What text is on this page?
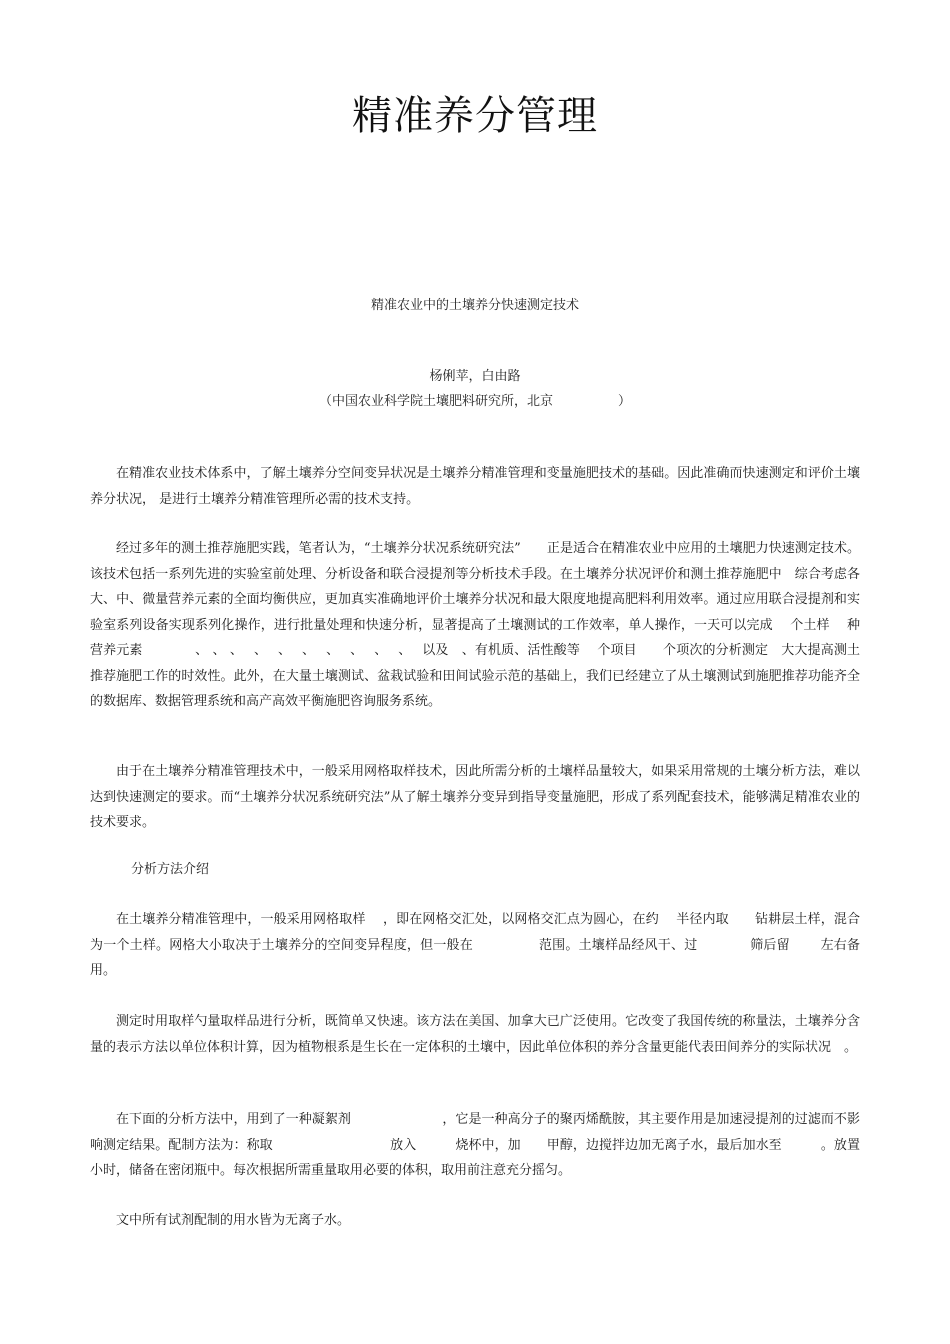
精准养分管理
精准农业中的土壤养分快速测定技术
杨俐苹，白由路
（中国农业科学院土壤肥料研究所，北京　　　　　）

在精准农业技术体系中，了解土壤养分空间变异状况是土壤养分精准管理和变量施肥技术的基础。因此准确而快速测定和评价土壤养分状况， 是进行土壤养分精准管理所必需的技术支持。

经过多年的测土推荐施肥实践，笔者认为，“土壤养分状况系统研究法”　　正是适合在精准农业中应用的土壤肥力快速测定技术。该技术包括一系列先进的实验室前处理、分析设备和联合浸提剂等分析技术手段。在土壤养分状况评价和测土推荐施肥中　综合考虑各大、中、微量营养元素的全面均衡供应，更加真实准确地评价土壤养分状况和最大限度地提高肥料利用效率。通过应用联合浸提剂和实验室系列设备实现系列化操作，进行批量处理和快速分析，显著提高了土壤测试的工作效率，单人操作，一天可以完成　 个土样　 种营养元素　　　　、 、 、　 、　 、　 、　 、　 、　 、　 、　 以及　、有机质、活性酸等　 个项目　　个项次的分析测定　大大提高测土推荐施肥工作的时效性。此外，在大量土壤测试、盆栽试验和田间试验示范的基础上，我们已经建立了从土壤测试到施肥推荐功能齐全的数据库、数据管理系统和高产高效平衡施肥咨询服务系统。

由于在土壤养分精准管理技术中，一般采用网格取样技术，因此所需分析的土壤样品量较大，如果采用常规的土壤分析方法，难以达到快速测定的要求。而“土壤养分状况系统研究法”从了解土壤养分变异到指导变量施肥，形成了系列配套技术，能够满足精准农业的技术要求。

分析方法介绍

在土壤养分精准管理中，一般采用网格取样　 ，即在网格交汇处，以网格交汇点为圆心，在约　 半径内取　　钻耕层土样，混合为一个土样。网格大小取决于土壤养分的空间变异程度，但一般在　　　　　范围。土壤样品经风干、过　　　　筛后留　　 左右备用。

测定时用取样勺量取样品进行分析，既简单又快速。该方法在美国、加拿大已广泛使用。它改变了我国传统的称量法，土壤养分含量的表示方法以单位体积计算，因为植物根系是生长在一定体积的土壤中，因此单位体积的养分含量更能代表田间养分的实际状况　。

在下面的分析方法中，用到了一种凝絮剂　　　　　　　，它是一种高分子的聚丙烯酰胺，其主要作用是加速浸提剂的过滤而不影响测定结果。配制方法为：称取　　　　　　　　　放入　　　烧杯中，加　　甲醇，边搅拌边加无离子水，最后加水至　　　。放置　 小时，储备在密闭瓶中。每次根据所需重量取用必要的体积，取用前注意充分摇匀。

文中所有试剂配制的用水皆为无离子水。
